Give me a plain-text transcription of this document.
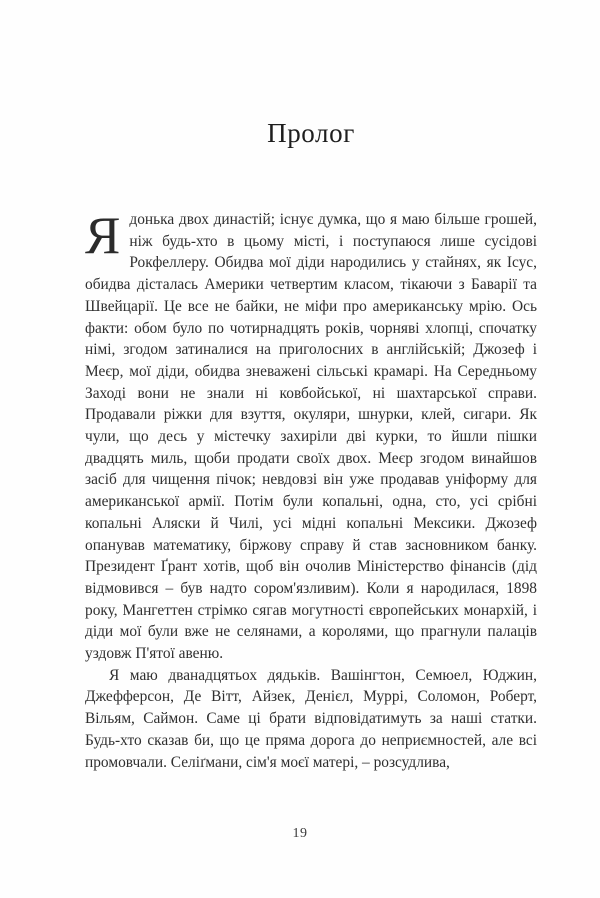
Пролог

Ядонька двох династій; існує думка, що я маю більше грошей, ніж будь-хто в цьому місті, і поступаюся лише сусідові Рокфеллеру. Обидва мої діди народились у стайнях, як Ісус, обидва дісталась Америки четвертим класом, тікаючи з Баварії та Швейцарії. Це все не байки, не міфи про американську мрію. Ось факти: обом було по чотирнадцять років, чорняві хлопці, спочатку німі, згодом затиналися на приголосних в англійській; Джозеф і Меєр, мої діди, обидва зневажені сільські крамарі. На Середньому Заході вони не знали ні ковбойської, ні шахтарської справи. Продавали ріжки для взуття, окуляри, шнурки, клей, сигари. Як чули, що десь у містечку захиріли дві курки, то йшли пішки двадцять миль, щоби продати своїх двох. Меєр згодом винайшов засіб для чищення пічок; невдовзі він уже продавав уніформу для американської армії. Потім були копальні, одна, сто, усі срібні копальні Аляски й Чилі, усі мідні копальні Мексики. Джозеф опанував математику, біржову справу й став засновником банку. Президент Ґрант хотів, щоб він очолив Міністерство фінансів (дід відмовився – був надто сором'язливим). Коли я народилася, 1898 року, Мангеттен стрімко сягав могутності європейських монархій, і діди мої були вже не селянами, а королями, що прагнули палаців уздовж П'ятої авеню.

Я маю дванадцятьох дядьків. Вашінгтон, Семюел, Юджин, Джефферсон, Де Вітт, Айзек, Денієл, Муррі, Соломон, Роберт, Вільям, Саймон. Саме ці брати відповідатимуть за наші статки. Будь-хто сказав би, що це пряма дорога до неприємностей, але всі промовчали. Селіґмани, сім'я моєї матері, – розсудлива,

19
